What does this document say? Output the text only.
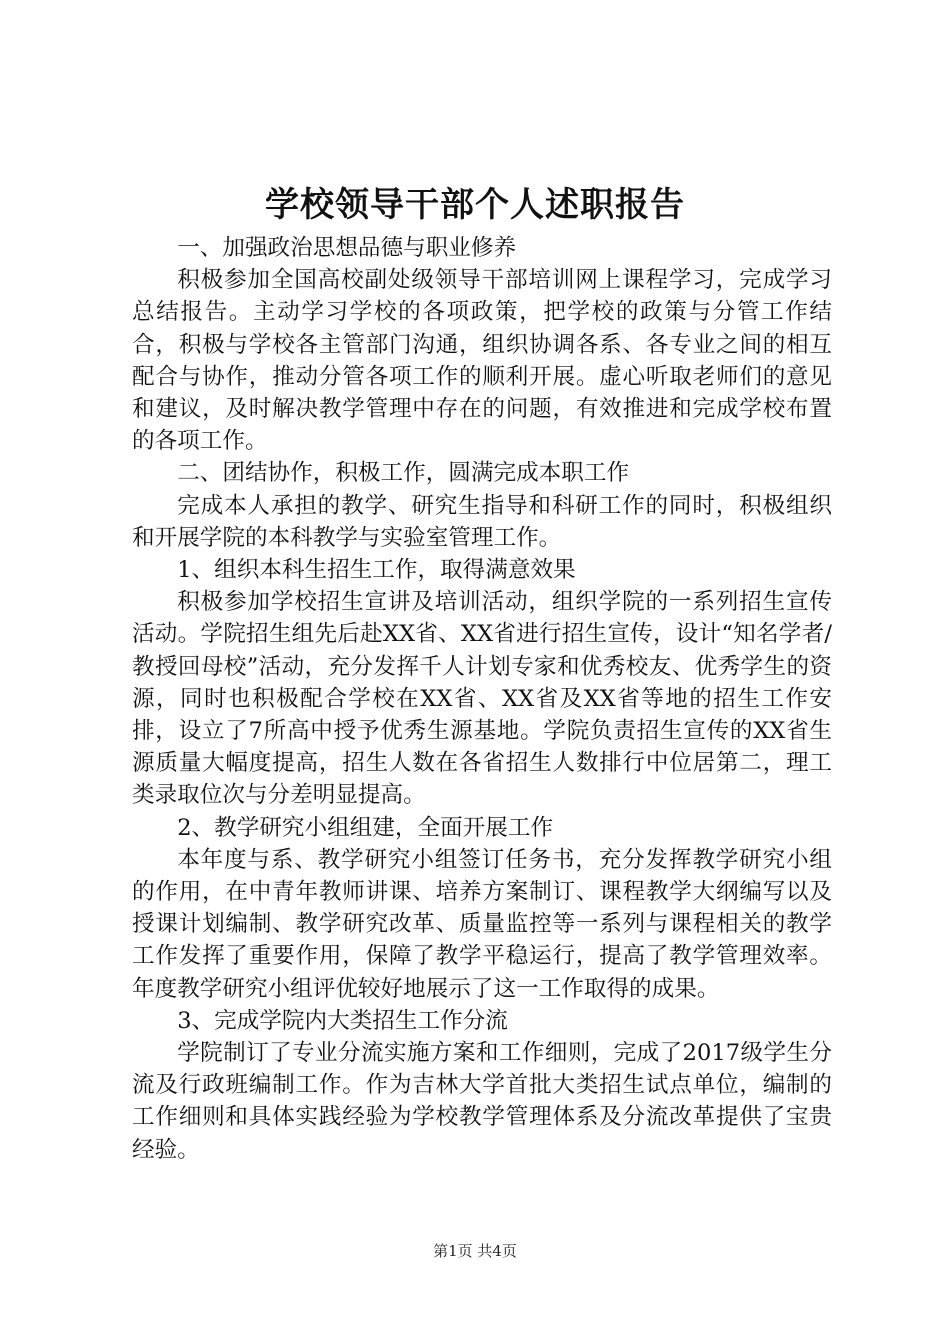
学校领导干部个人述职报告

一、加强政治思想品德与职业修养

积极参加全国高校副处级领导干部培训网上课程学习，完成学习总结报告。主动学习学校的各项政策，把学校的政策与分管工作结合，积极与学校各主管部门沟通，组织协调各系、各专业之间的相互配合与协作，推动分管各项工作的顺利开展。虚心听取老师们的意见和建议，及时解决教学管理中存在的问题，有效推进和完成学校布置的各项工作。

二、团结协作，积极工作，圆满完成本职工作

完成本人承担的教学、研究生指导和科研工作的同时，积极组织和开展学院的本科教学与实验室管理工作。

1、组织本科生招生工作，取得满意效果

积极参加学校招生宣讲及培训活动，组织学院的一系列招生宣传活动。学院招生组先后赴XX省、XX省进行招生宣传，设计“知名学者/教授回母校”活动，充分发挥千人计划专家和优秀校友、优秀学生的资源，同时也积极配合学校在XX省、XX省及XX省等地的招生工作安排，设立了7所高中授予优秀生源基地。学院负责招生宣传的XX省生源质量大幅度提高，招生人数在各省招生人数排行中位居第二，理工类录取位次与分差明显提高。

2、教学研究小组组建，全面开展工作

本年度与系、教学研究小组签订任务书，充分发挥教学研究小组的作用，在中青年教师讲课、培养方案制订、课程教学大纲编写以及授课计划编制、教学研究改革、质量监控等一系列与课程相关的教学工作发挥了重要作用，保障了教学平稳运行，提高了教学管理效率。年度教学研究小组评优较好地展示了这一工作取得的成果。

3、完成学院内大类招生工作分流

学院制订了专业分流实施方案和工作细则，完成了2017级学生分流及行政班编制工作。作为吉林大学首批大类招生试点单位，编制的工作细则和具体实践经验为学校教学管理体系及分流改革提供了宝贵经验。

第1页 共4页
